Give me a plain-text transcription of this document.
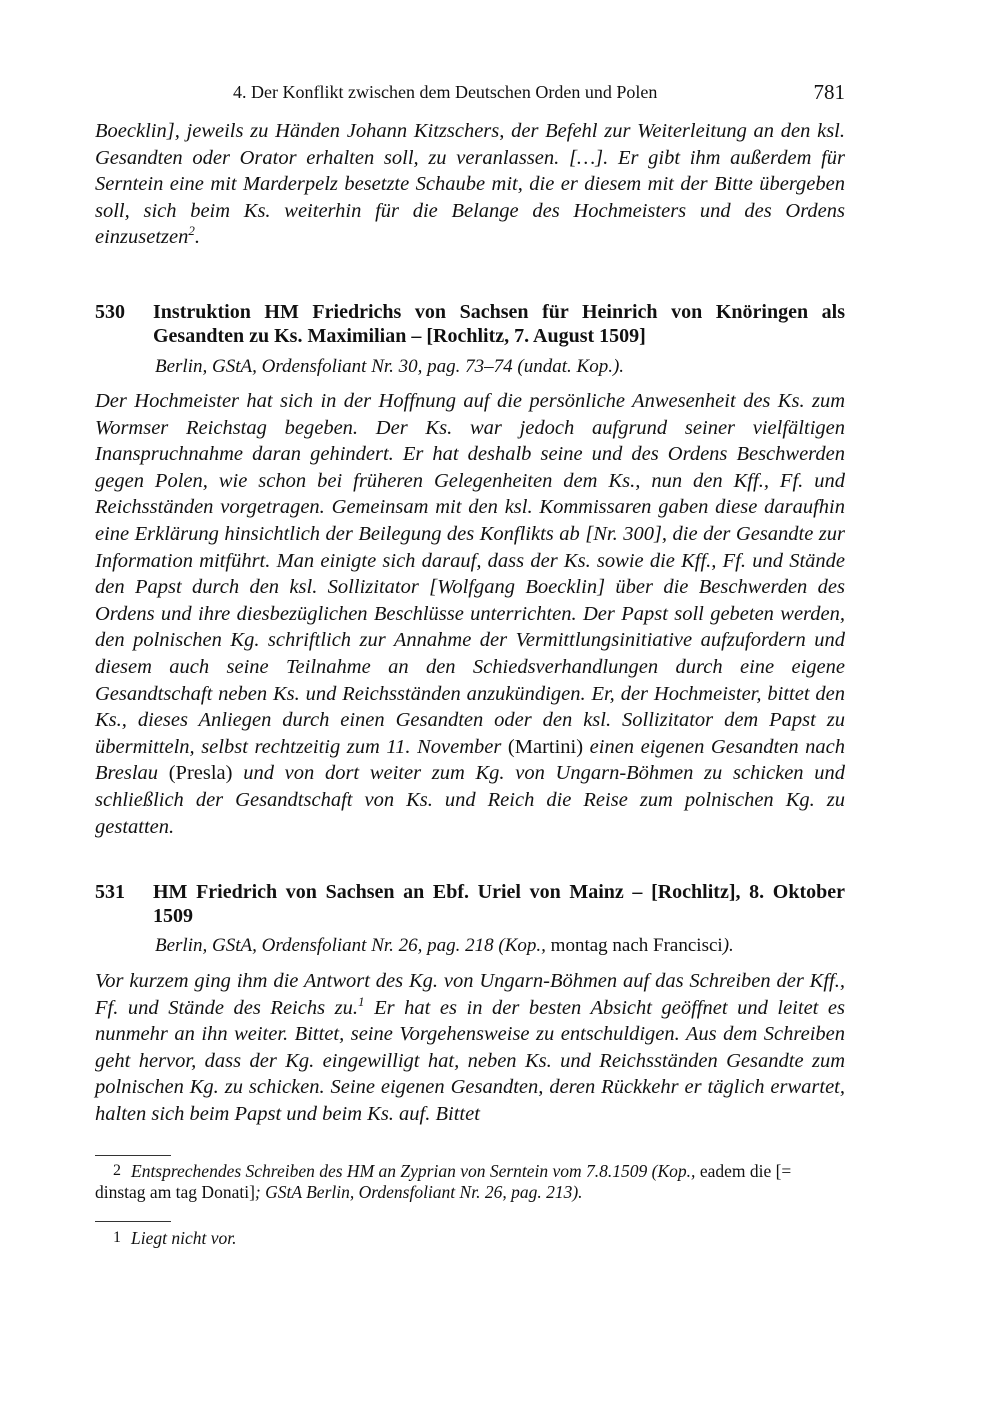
4. Der Konflikt zwischen dem Deutschen Orden und Polen	781

Boecklin], jeweils zu Händen Johann Kitzschers, der Befehl zur Weiterleitung an den ksl. Gesandten oder Orator erhalten soll, zu veranlassen. […]. Er gibt ihm außerdem für Serntein eine mit Marderpelz besetzte Schaube mit, die er diesem mit der Bitte übergeben soll, sich beim Ks. weiterhin für die Belange des Hochmeisters und des Ordens einzusetzen$^2$.

530 Instruktion HM Friedrichs von Sachsen für Heinrich von Knöringen als Gesandten zu Ks. Maximilian – [Rochlitz, 7. August 1509]
Berlin, GStA, Ordensfoliant Nr. 30, pag. 73–74 (undat. Kop.).

Der Hochmeister hat sich in der Hoffnung auf die persönliche Anwesenheit des Ks. zum Wormser Reichstag begeben. Der Ks. war jedoch aufgrund seiner vielfältigen Inanspruchnahme daran gehindert. Er hat deshalb seine und des Ordens Beschwerden gegen Polen, wie schon bei früheren Gelegenheiten dem Ks., nun den Kff., Ff. und Reichsständen vorgetragen. Gemeinsam mit den ksl. Kommissaren gaben diese daraufhin eine Erklärung hinsichtlich der Beilegung des Konflikts ab [Nr. 300], die der Gesandte zur Information mitführt. Man einigte sich darauf, dass der Ks. sowie die Kff., Ff. und Stände den Papst durch den ksl. Sollizitator [Wolfgang Boecklin] über die Beschwerden des Ordens und ihre diesbezüglichen Beschlüsse unterrichten. Der Papst soll gebeten werden, den polnischen Kg. schriftlich zur Annahme der Vermittlungsinitiative aufzufordern und diesem auch seine Teilnahme an den Schiedsverhandlungen durch eine eigene Gesandtschaft neben Ks. und Reichsständen anzukündigen. Er, der Hochmeister, bittet den Ks., dieses Anliegen durch einen Gesandten oder den ksl. Sollizitator dem Papst zu übermitteln, selbst rechtzeitig zum 11. November (Martini) einen eigenen Gesandten nach Breslau (Presla) und von dort weiter zum Kg. von Ungarn-Böhmen zu schicken und schließlich der Gesandtschaft von Ks. und Reich die Reise zum polnischen Kg. zu gestatten.

531 HM Friedrich von Sachsen an Ebf. Uriel von Mainz – [Rochlitz], 8. Oktober 1509
Berlin, GStA, Ordensfoliant Nr. 26, pag. 218 (Kop., montag nach Francisci).

Vor kurzem ging ihm die Antwort des Kg. von Ungarn-Böhmen auf das Schreiben der Kff., Ff. und Stände des Reichs zu.$^1$ Er hat es in der besten Absicht geöffnet und leitet es nunmehr an ihn weiter. Bittet, seine Vorgehensweise zu entschuldigen. Aus dem Schreiben geht hervor, dass der Kg. eingewilligt hat, neben Ks. und Reichsständen Gesandte zum polnischen Kg. zu schicken. Seine eigenen Gesandten, deren Rückkehr er täglich erwartet, halten sich beim Papst und beim Ks. auf. Bittet

2 Entsprechendes Schreiben des HM an Zyprian von Serntein vom 7.8.1509 (Kop., eadem die [= dinstag am tag Donati]; GStA Berlin, Ordensfoliant Nr. 26, pag. 213).
1 Liegt nicht vor.
